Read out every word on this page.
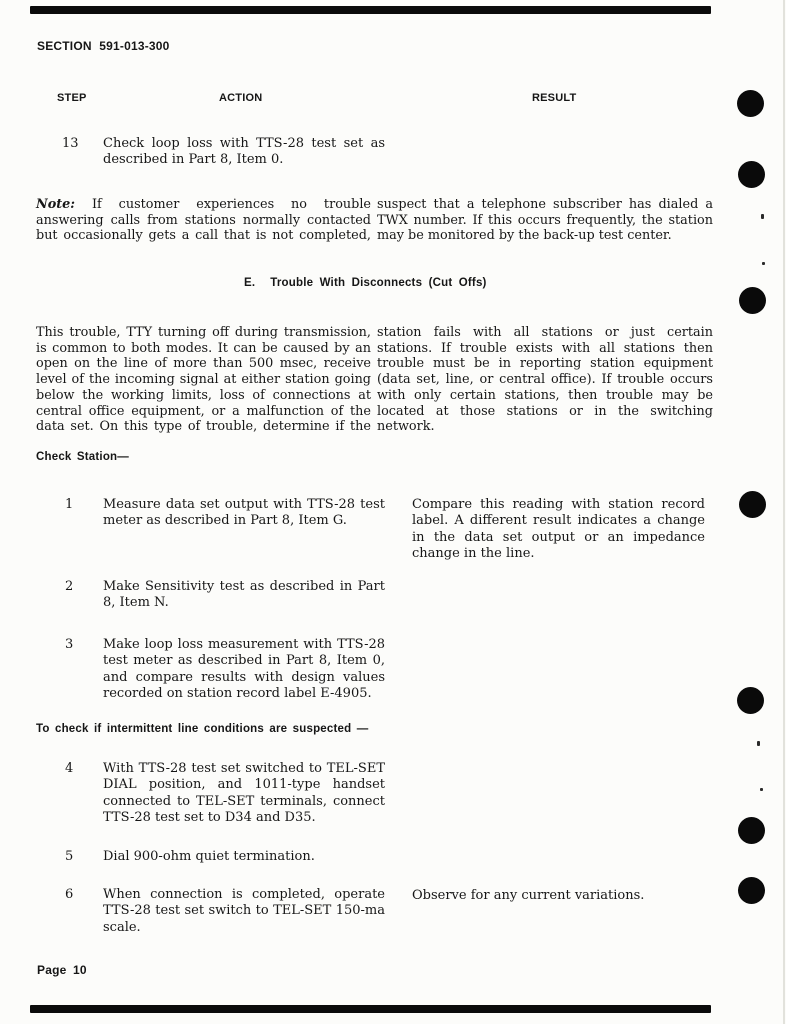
SECTION 591-013-300
STEP	ACTION	RESULT
13 Check loop loss with TTS-28 test set as described in Part 8, Item 0.
Note: If customer experiences no trouble answering calls from stations normally contacted but occasionally gets a call that is not completed,
suspect that a telephone subscriber has dialed a TWX number. If this occurs frequently, the station may be monitored by the back-up test center.
E. Trouble With Disconnects (Cut Offs)
This trouble, TTY turning off during transmission, is common to both modes. It can be caused by an open on the line of more than 500 msec, receive level of the incoming signal at either station going below the working limits, loss of connections at central office equipment, or a malfunction of the data set. On this type of trouble, determine if the
station fails with all stations or just certain stations. If trouble exists with all stations then trouble must be in reporting station equipment (data set, line, or central office). If trouble occurs with only certain stations, then trouble may be located at those stations or in the switching network.
Check Station—
1 Measure data set output with TTS-28 test meter as described in Part 8, Item G.
Compare this reading with station record label. A different result indicates a change in the data set output or an impedance change in the line.
2 Make Sensitivity test as described in Part 8, Item N.
3 Make loop loss measurement with TTS-28 test meter as described in Part 8, Item 0, and compare results with design values recorded on station record label E-4905.
To check if intermittent line conditions are suspected —
4 With TTS-28 test set switched to TEL-SET DIAL position, and 1011-type handset connected to TEL-SET terminals, connect TTS-28 test set to D34 and D35.
5 Dial 900-ohm quiet termination.
6 When connection is completed, operate TTS-28 test set switch to TEL-SET 150-ma scale.
Observe for any current variations.
Page 10
